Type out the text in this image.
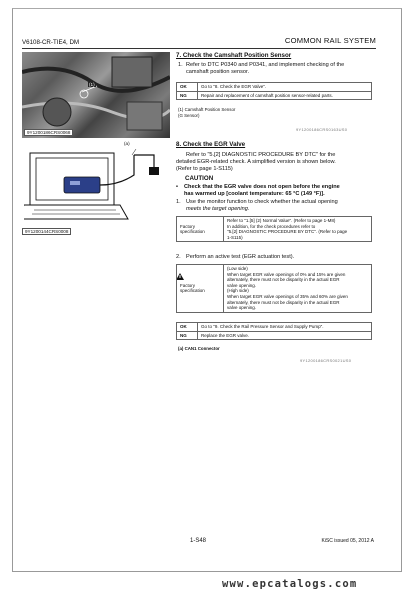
V6108-CR-TIE4, DM	COMMON RAIL SYSTEM
(1)
9Y1200186CRS0068
7. Check the Camshaft Position Sensor
1. Refer to DTC P0340 and P0341, and implement checking of the
camshaft position sensor.
OK	Go to "8. Check the EGR Valve".
NG	Repair and replacement of camshaft position sensor-related parts.
(1) Camshaft Position Sensor
(G Sensor)
9Y1200186CRS0163US0
(a)
9Y1200144CRS0008
8. Check the EGR Valve
Refer to "5.[2] DIAGNOSTIC PROCEDURE BY DTC" for the
detailed EGR-related check. A simplified version is shown below.
(Refer to page 1-S115)
CAUTION
• Check that the EGR valve does not open before the engine
has warmed up [coolant temperature: 65 °C (149 °F)].
1. Use the monitor function to check whether the actual opening
meets the target opening.
Factory
specification

Refer to "1.[5] (2) Normal Value". (Refer to page 1-M8)
In addition, for the check procedures refer to
"5.[2] DIAGNOSTIC PROCEDURE BY DTC". (Refer to page
1-S115)
2. Perform an active test (EGR actuation test).
Factory
specification

(Low side)
When target EGR valve openings of 0% and 15% are given
alternately, there must not be disparity in the actual EGR
valve opening.
(High side)
When target EGR valve openings of 35% and 60% are given
alternately, there must not be disparity in the actual EGR
valve opening.
OK	Go to "9. Check the Rail Pressure Sensor and Supply Pump".
NG	Replace the EGR valve.
(a) CAN1 Connector
9Y1200186CRS0021US0
1-S48	KiSC issued 05, 2012 A
www.epcatalogs.com
